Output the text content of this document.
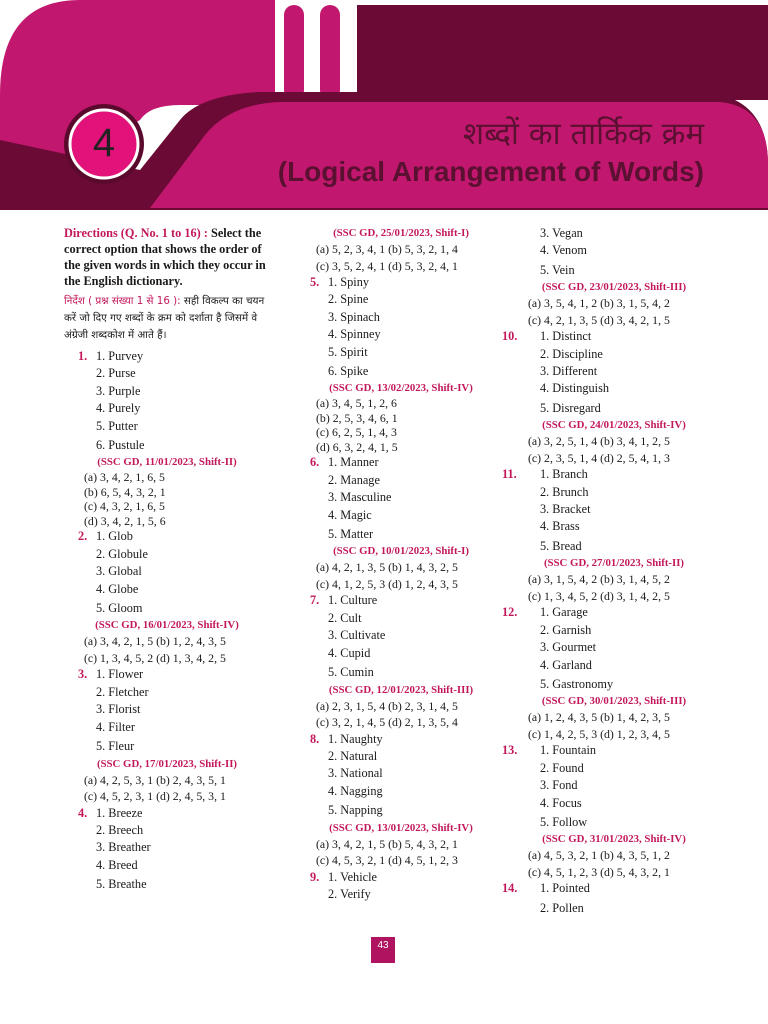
4	शब्दों का तार्किक क्रम
(Logical Arrangement of Words)
Directions (Q. No. 1 to 16) : Select the correct option that shows the order of the given words in which they occur in the English dictionary.
निर्देश ( प्रश्न संख्या 1 से 16 ): सही विकल्प का चयन करें जो दिए गए शब्दों के क्रम को दर्शाता है जिसमें वे अंग्रेजी शब्दकोश में आते हैं।
1. 1. Purvey
2. Purse
3. Purple
4. Purely
5. Putter
6. Pustule
(SSC GD, 11/01/2023, Shift-II)
(a) 3, 4, 2, 1, 6, 5
(b) 6, 5, 4, 3, 2, 1
(c) 4, 3, 2, 1, 6, 5
(d) 3, 4, 2, 1, 5, 6
2. 1. Glob
2. Globule
3. Global
4. Globe
5. Gloom
(SSC GD, 16/01/2023, Shift-IV)
(a) 3, 4, 2, 1, 5 (b) 1, 2, 4, 3, 5
(c) 1, 3, 4, 5, 2 (d) 1, 3, 4, 2, 5
3. 1. Flower
2. Fletcher
3. Florist
4. Filter
5. Fleur
(SSC GD, 17/01/2023, Shift-II)
(a) 4, 2, 5, 3, 1 (b) 2, 4, 3, 5, 1
(c) 4, 5, 2, 3, 1 (d) 2, 4, 5, 3, 1
4. 1. Breeze
2. Breech
3. Breather
4. Breed
5. Breathe
(SSC GD, 25/01/2023, Shift-I)
(a) 5, 2, 3, 4, 1 (b) 5, 3, 2, 1, 4
(c) 3, 5, 2, 4, 1 (d) 5, 3, 2, 4, 1
5. 1. Spiny
2. Spine
3. Spinach
4. Spinney
5. Spirit
6. Spike
(SSC GD, 13/02/2023, Shift-IV)
(a) 3, 4, 5, 1, 2, 6
(b) 2, 5, 3, 4, 6, 1
(c) 6, 2, 5, 1, 4, 3
(d) 6, 3, 2, 4, 1, 5
6. 1. Manner
2. Manage
3. Masculine
4. Magic
5. Matter
(SSC GD, 10/01/2023, Shift-I)
(a) 4, 2, 1, 3, 5 (b) 1, 4, 3, 2, 5
(c) 4, 1, 2, 5, 3 (d) 1, 2, 4, 3, 5
7. 1. Culture
2. Cult
3. Cultivate
4. Cupid
5. Cumin
(SSC GD, 12/01/2023, Shift-III)
(a) 2, 3, 1, 5, 4 (b) 2, 3, 1, 4, 5
(c) 3, 2, 1, 4, 5 (d) 2, 1, 3, 5, 4
8. 1. Naughty
2. Natural
3. National
4. Nagging
5. Napping
(SSC GD, 13/01/2023, Shift-IV)
(a) 3, 4, 2, 1, 5 (b) 5, 4, 3, 2, 1
(c) 4, 5, 3, 2, 1 (d) 4, 5, 1, 2, 3
9. 1. Vehicle
2. Verify
3. Vegan
4. Venom
5. Vein
(SSC GD, 23/01/2023, Shift-III)
(a) 3, 5, 4, 1, 2 (b) 3, 1, 5, 4, 2
(c) 4, 2, 1, 3, 5 (d) 3, 4, 2, 1, 5
10. 1. Distinct
2. Discipline
3. Different
4. Distinguish
5. Disregard
(SSC GD, 24/01/2023, Shift-IV)
(a) 3, 2, 5, 1, 4 (b) 3, 4, 1, 2, 5
(c) 2, 3, 5, 1, 4 (d) 2, 5, 4, 1, 3
11. 1. Branch
2. Brunch
3. Bracket
4. Brass
5. Bread
(SSC GD, 27/01/2023, Shift-II)
(a) 3, 1, 5, 4, 2 (b) 3, 1, 4, 5, 2
(c) 1, 3, 4, 5, 2 (d) 3, 1, 4, 2, 5
12. 1. Garage
2. Garnish
3. Gourmet
4. Garland
5. Gastronomy
(SSC GD, 30/01/2023, Shift-III)
(a) 1, 2, 4, 3, 5 (b) 1, 4, 2, 3, 5
(c) 1, 4, 2, 5, 3 (d) 1, 2, 3, 4, 5
13. 1. Fountain
2. Found
3. Fond
4. Focus
5. Follow
(SSC GD, 31/01/2023, Shift-IV)
(a) 4, 5, 3, 2, 1 (b) 4, 3, 5, 1, 2
(c) 4, 5, 1, 2, 3 (d) 5, 4, 3, 2, 1
14. 1. Pointed
2. Pollen
43
